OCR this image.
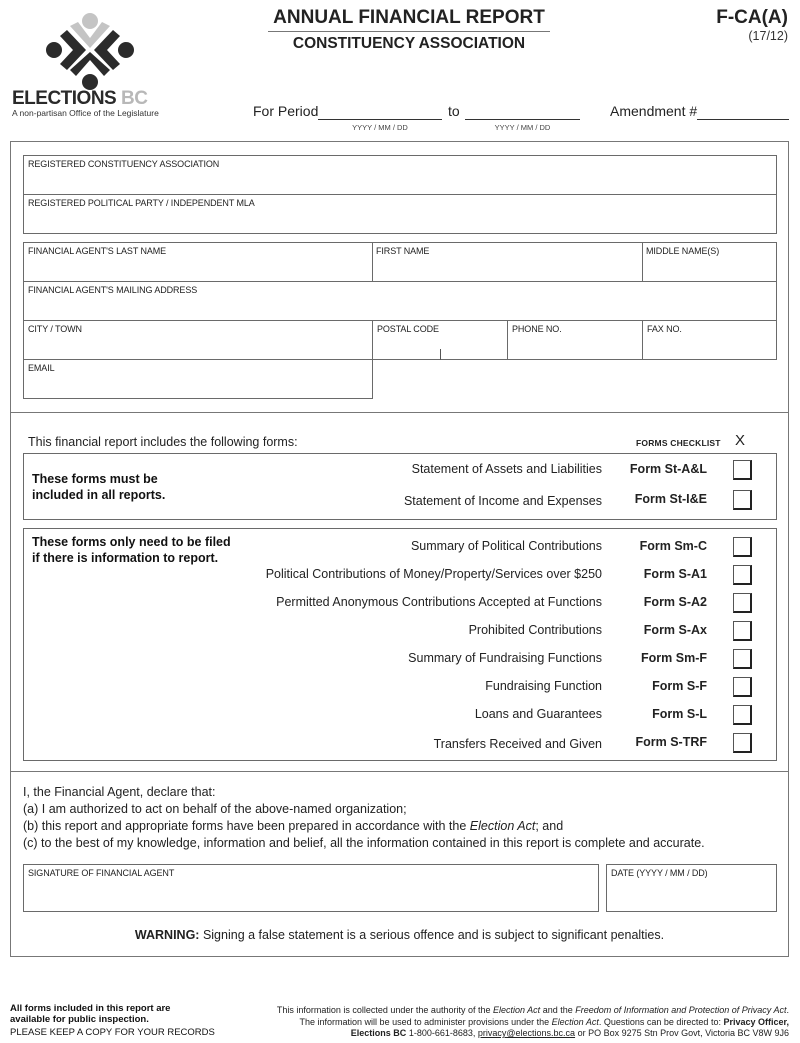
ELECTIONS BC
A non-partisan Office of the Legislature
ANNUAL FINANCIAL REPORT
CONSTITUENCY ASSOCIATION
F-CA(A)
(17/12)
For Period
YYYY / MM / DD
to
YYYY / MM / DD
Amendment #
REGISTERED CONSTITUENCY ASSOCIATION
REGISTERED POLITICAL PARTY / INDEPENDENT MLA
FINANCIAL AGENT'S LAST NAME	FIRST NAME	MIDDLE NAME(S)
FINANCIAL AGENT'S MAILING ADDRESS
CITY / TOWN	POSTAL CODE	PHONE NO.	FAX NO.
EMAIL
This financial report includes the following forms:	FORMS CHECKLIST X
These forms must be
included in all reports.
Statement of Assets and Liabilities Form St-A&L
Statement of Income and Expenses	Form St-I&E
These forms only need to be filed
if there is information to report.
Summary of Political Contributions	Form Sm-C
Political Contributions of Money/Property/Services over $250	Form S-A1
Permitted Anonymous Contributions Accepted at Functions	Form S-A2
Prohibited Contributions	Form S-Ax
Summary of Fundraising Functions	Form Sm-F
Fundraising Function	Form S-F
Loans and Guarantees	Form S-L
Transfers Received and Given	Form S-TRF
I, the Financial Agent, declare that:
(a) I am authorized to act on behalf of the above-named organization;
(b) this report and appropriate forms have been prepared in accordance with the Election Act; and
(c) to the best of my knowledge, information and belief, all the information contained in this report is complete and accurate.
SIGNATURE OF FINANCIAL AGENT	DATE (YYYY / MM / DD)
WARNING: Signing a false statement is a serious offence and is subject to significant penalties.
All forms included in this report are
available for public inspection.
PLEASE KEEP A COPY FOR YOUR RECORDS
This information is collected under the authority of the Election Act and the Freedom of Information and Protection of Privacy Act.
The information will be used to administer provisions under the Election Act. Questions can be directed to: Privacy Officer,
Elections BC 1-800-661-8683, privacy@elections.bc.ca or PO Box 9275 Stn Prov Govt, Victoria BC V8W 9J6
